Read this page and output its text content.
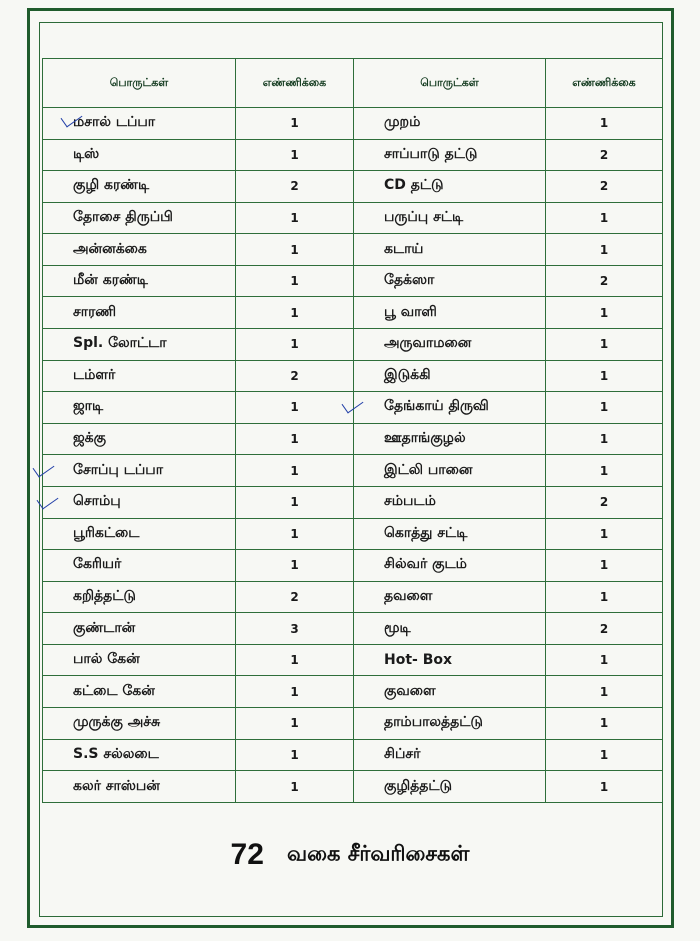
பொருட்கள்	எண்ணிக்கை	பொருட்கள்	எண்ணிக்கை
மசால் டப்பா	1	முறம்	1
டிஸ்	1	சாப்பாடு தட்டு	2
குழி கரண்டி	2	CD தட்டு	2
தோசை திருப்பி	1	பருப்பு சட்டி	1
அன்னக்கை	1	கடாய்	1
மீன் கரண்டி	1	தேக்ஸா	2
சாரணி	1	பூ வாளி	1
Spl. லோட்டா	1	அருவாமனை	1
டம்ளர்	2	இடுக்கி	1
ஜாடி	1	தேங்காய் திருவி	1
ஜக்கு	1	ஊதாங்குழல்	1
சோப்பு டப்பா	1	இட்லி பானை	1
சொம்பு	1	சம்படம்	2
பூரிகட்டை	1	கொத்து சட்டி	1
கேரியர்	1	சில்வர் குடம்	1
கறித்தட்டு	2	தவளை	1
குண்டான்	3	மூடி	2
பால் கேன்	1	Hot- Box	1
கட்டை கேன்	1	குவளை	1
முருக்கு அச்சு	1	தாம்பாலத்தட்டு	1
S.S சல்லடை	1	சிப்சர்	1
கலர் சாஸ்பன்	1	குழித்தட்டு	1
72 வகை சீர்வரிசைகள்
